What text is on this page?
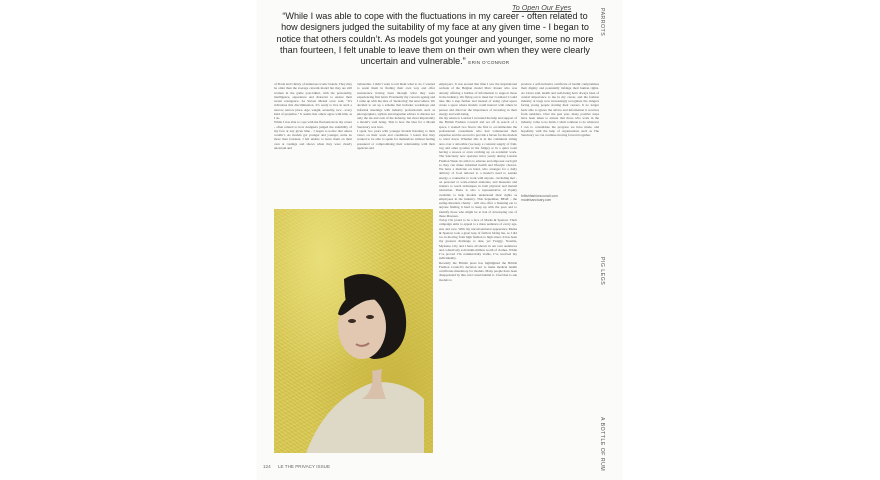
To Open Our Eyes
“While I was able to cope with the fluctuations in my career - often related to how designers judged the suitability of my face at any given time - I began to notice that others couldn’t. As models got younger and younger, some no more than fourteen, I felt unable to leave them on their own when they were clearly uncertain and vulnerable.” ERIN O’CONNOR

of Prada and Christy of numerous iconic brands. They may be older than the average catwalk model but they are still women in the game post-bikini, with the personality, intelligence, experience and character to ensure their recent resurgence. As Steven Meisel once said, “It’s ridiculous this discrimination. It’s ready to live in such a narrow, narrow place. Age, weight, sexuality, race - every kind of prejudice.” It seems that others agree with him, as I do.

While I was able to cope with the fluctuations in my career - often related to how designers judged the suitability of my face at any given time - I began to notice that others couldn’t. As models got younger and younger, some no more than fourteen, I felt unable to leave them on their own at castings and shows when they were clearly uncertain and

vulnerable. I didn’t want to tell them what to do. I wanted to assist them in finding their own way and offer reassurance having been through what they were experiencing first hand. Eventually my concern ageing and I came up with the idea of ‘mentoring’ the newcomers. We decided to set up a scheme that includes workshops and informal meetings with industry professionals such as photographers, stylists and magazine editors to discuss not only the ins and outs of the industry, but most importantly a model’s well being. This is how the idea for a Model Sanctuary was born.

I spent two years with younger models listening to their views on their work and conditions. I learnt that they wanted to be able to speak for themselves without feeling pressured or compromising their relationship with their agencies and

employers. It was around that time I saw the inspirational website of the Belgian model Marc Rosier who was already offering a hotline of information to support those in the industry. On flying out to meet her I realised I could take this a step further and instead of using cyber-space create a space where models could interact with others in person and discover the importance of investing in their energy and well-being.

On my return to London I recruited the help and support of the British Fashion Council and set off in search of a space. I wanted two floors: the first to accommodate the professional consultants who had volunteered their expertise and the second to provide a haven for the models to wind down. Whether this is in the communal sitting area over a smoothie (we keep a constant supply of fruit, veg and other goodies in the fridge) or in a quiet room having a snooze or even catching up on academic work. The Sanctuary now operates twice yearly during London Fashion Week. Its aim is to educate and empower each girl so they can make informed health and lifestyle choices. We have a dietician on hand, who arranges for a daily delivery of food tailored to a model’s need to sustain energy, a counsellor to work with anyone - including me! - on personal or work-related anxieties, and masseurs and trainers to teach techniques in both physical and mental relaxation. There is also a representative of Equity available to help models understand their rights as employees in the industry. This September, BEAT - the eating-disorders charity - will also offer a listening ear to anyone finding it hard to keep up with the pace and to identify those who might be at risk of developing one of these illnesses.

Today I’m proud to be a face of Marks & Spencer. Their campaign aims to appeal to a mass audience of every age, size and race. With my unconventional appearance Marks & Spencer took a great leap of faith in hiring me, as I did too in moving from high fashion to high street. It has been my greatest challenge to date, yet Twiggy, Noemie, Myleene, Lily and I have all shown in our own audiences and collectively sold multi-million worth of clothes. While I’ve proved I’m commercially viable, I’ve resolved my individuality.

Recently the British press has highlighted the British Fashion Council’s decision not to make medical health certificates mandatory for models. Many people have been disappointed by this, but I stand behind it. I feel that to ask models to

produce a self-inclusive certificate of health compromises their dignity and potentially infringe their human rights. As I have said, health and well-being have always been of central importance to me in my career, and the fashion industry at large now increasingly recognises the dangers facing young people starting their careers. It no longer feels able to ignore the advice and information it receives from outsiders. Over the past year, many positive steps have been taken to ensure that those who work in the industry come to no harm. I shall continue to do whatever I can to consolidate the progress we have made, and hopefully with the help of organisations such as The Sanctuary we can continue moving forward together.

britishfashioncouncil.com
modelsanctuary.com
PARROTS
PIG LEGS
A BOTTLE OF RUM
124 LE THE PRIVACY ISSUE
